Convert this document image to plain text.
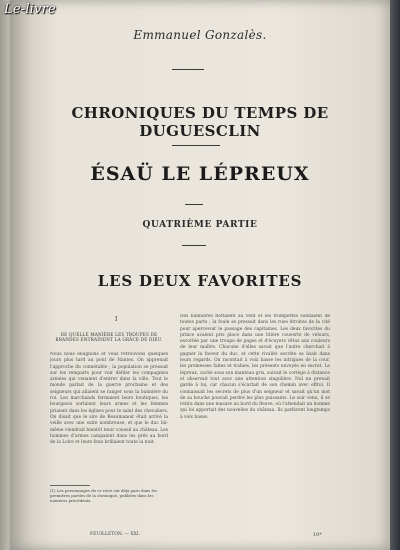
Le-livre
Emmanuel Gonzalès.
CHRONIQUES DU TEMPS DE DUGUESCLIN
ÉSAÜ LE LÉPREUX
QUATRIÈME PARTIE
LES DEUX FAVORITES
I
DE QUELLE MANIÈRE LES TROUPES DE BRANDES ENTRAÎNENT LA GRÂCE DE DIEU.
Nous nous éloignons et vous retrouvons quelques jours plus tard au pont de Nantes. On apprenait l'approche du connétable ; la population se pressait sur les remparts pour voir défiler les compagnies armées qui venaient d'entrer dans la ville. Tout le monde parlait de la guerre prochaine et des seigneurs qui allaient se ranger sous la bannière du roi. Les marchands fermaient leurs boutiques, les bourgeois sortaient leurs armes et les femmes priaient dans les églises pour le salut des chevaliers. On disait que le sire de Beaumanoir était arrivé la veille avec une suite nombreuse, et que le duc lui-même viendrait bientôt tenir conseil au château. Les hommes d'armes campaient dans les prés au bord de la Loire et leurs feux brillaient toute la nuit.
Des bannières flottaient au vent et les trompettes sonnaient de toutes parts ; la foule se pressait dans les rues étroites de la cité pour apercevoir le passage des capitaines. Les deux favorites du prince avaient pris place dans une litière couverte de velours, escortée par une troupe de pages et d'écuyers vêtus aux couleurs de leur maître. Chacune d'elles savait que l'autre cherchait à gagner la faveur du duc, et cette rivalité secrète se lisait dans leurs regards. On racontait à voix basse les intrigues de la cour, les promesses faites et trahies, les présents envoyés en secret. Le lépreux, caché sous son manteau gris, suivait le cortège à distance et observait tout avec une attention singulière. Nul ne prenait garde à lui, car chacun s'écartait de son chemin avec effroi. Il connaissait les secrets de plus d'un seigneur et savait qu'un mot de sa bouche pouvait perdre les plus puissants. Le soir venu, il se retira dans une masure au bord du fleuve, où l'attendait un homme qui lui apportait des nouvelles du château. Ils parlèrent longtemps à voix basse.
(1) Les personnages de ce récit ont déjà paru dans les premières parties de la chronique, publiées dans les numéros précédents.
FEUILLETON. — XXI.	10*
